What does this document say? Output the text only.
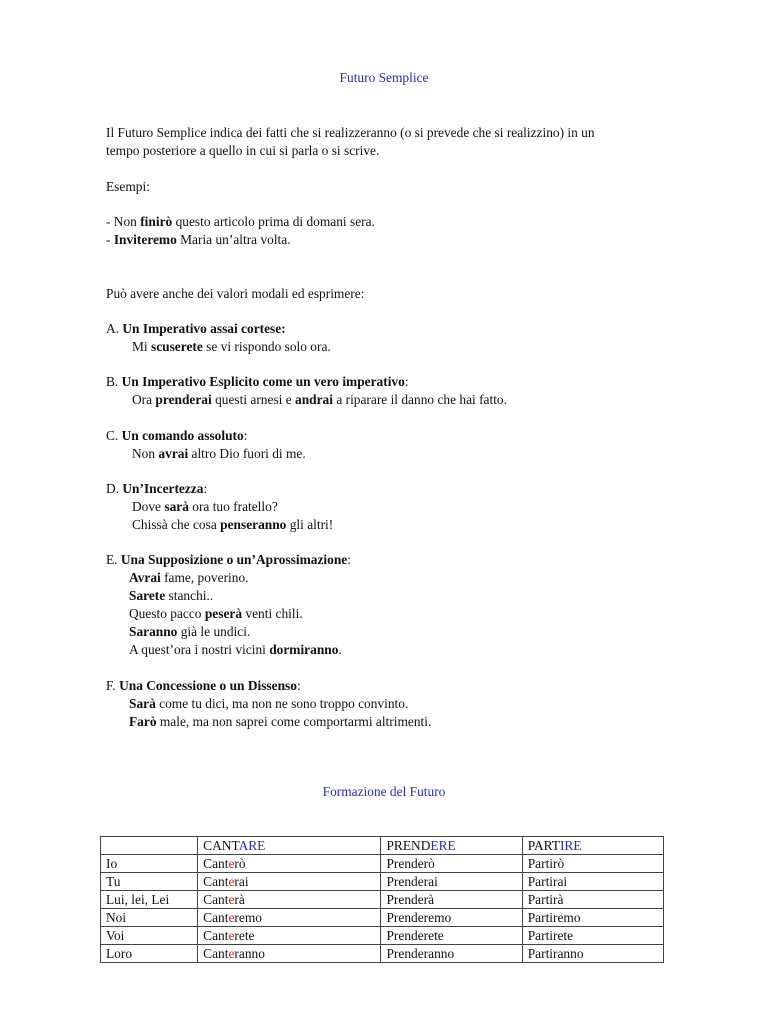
Futuro Semplice
Il Futuro Semplice indica dei fatti che si realizzeranno (o si prevede che si realizzino) in un
tempo posteriore a quello in cui si parla o si scrive.
Esempi:
- Non finirò questo articolo prima di domani sera.
- Inviteremo Maria un’altra volta.
Può avere anche dei valori modali ed esprimere:
A. Un Imperativo assai cortese:
Mi scuserete se vi rispondo solo ora.
B. Un Imperativo Esplicito come un vero imperativo:
Ora prenderai questi arnesi e andrai a riparare il danno che hai fatto.
C. Un comando assoluto:
Non avrai altro Dio fuori di me.
D. Un’Incertezza:
Dove sarà ora tuo fratello?
Chissà che cosa penseranno gli altri!
E. Una Supposizione o un’Aprossimazione:
Avrai fame, poverino.
Sarete stanchi..
Questo pacco peserà venti chili.
Saranno già le undici.
A quest’ora i nostri vicini dormiranno.
F. Una Concessione o un Dissenso:
Sarà come tu dici, ma non ne sono troppo convinto.
Farò male, ma non saprei come comportarmi altrimenti.
Formazione del Futuro
	CANTARE	PRENDERE	PARTIRE
Io	Canterò	Prenderò	Partirò
Tu	Canterai	Prenderai	Partirai
Lui, lei, Lei	Canterà	Prenderà	Partirà
Noi	Canteremo	Prenderemo	Partiremo
Voi	Canterete	Prenderete	Partirete
Loro	Canteranno	Prenderanno	Partiranno
